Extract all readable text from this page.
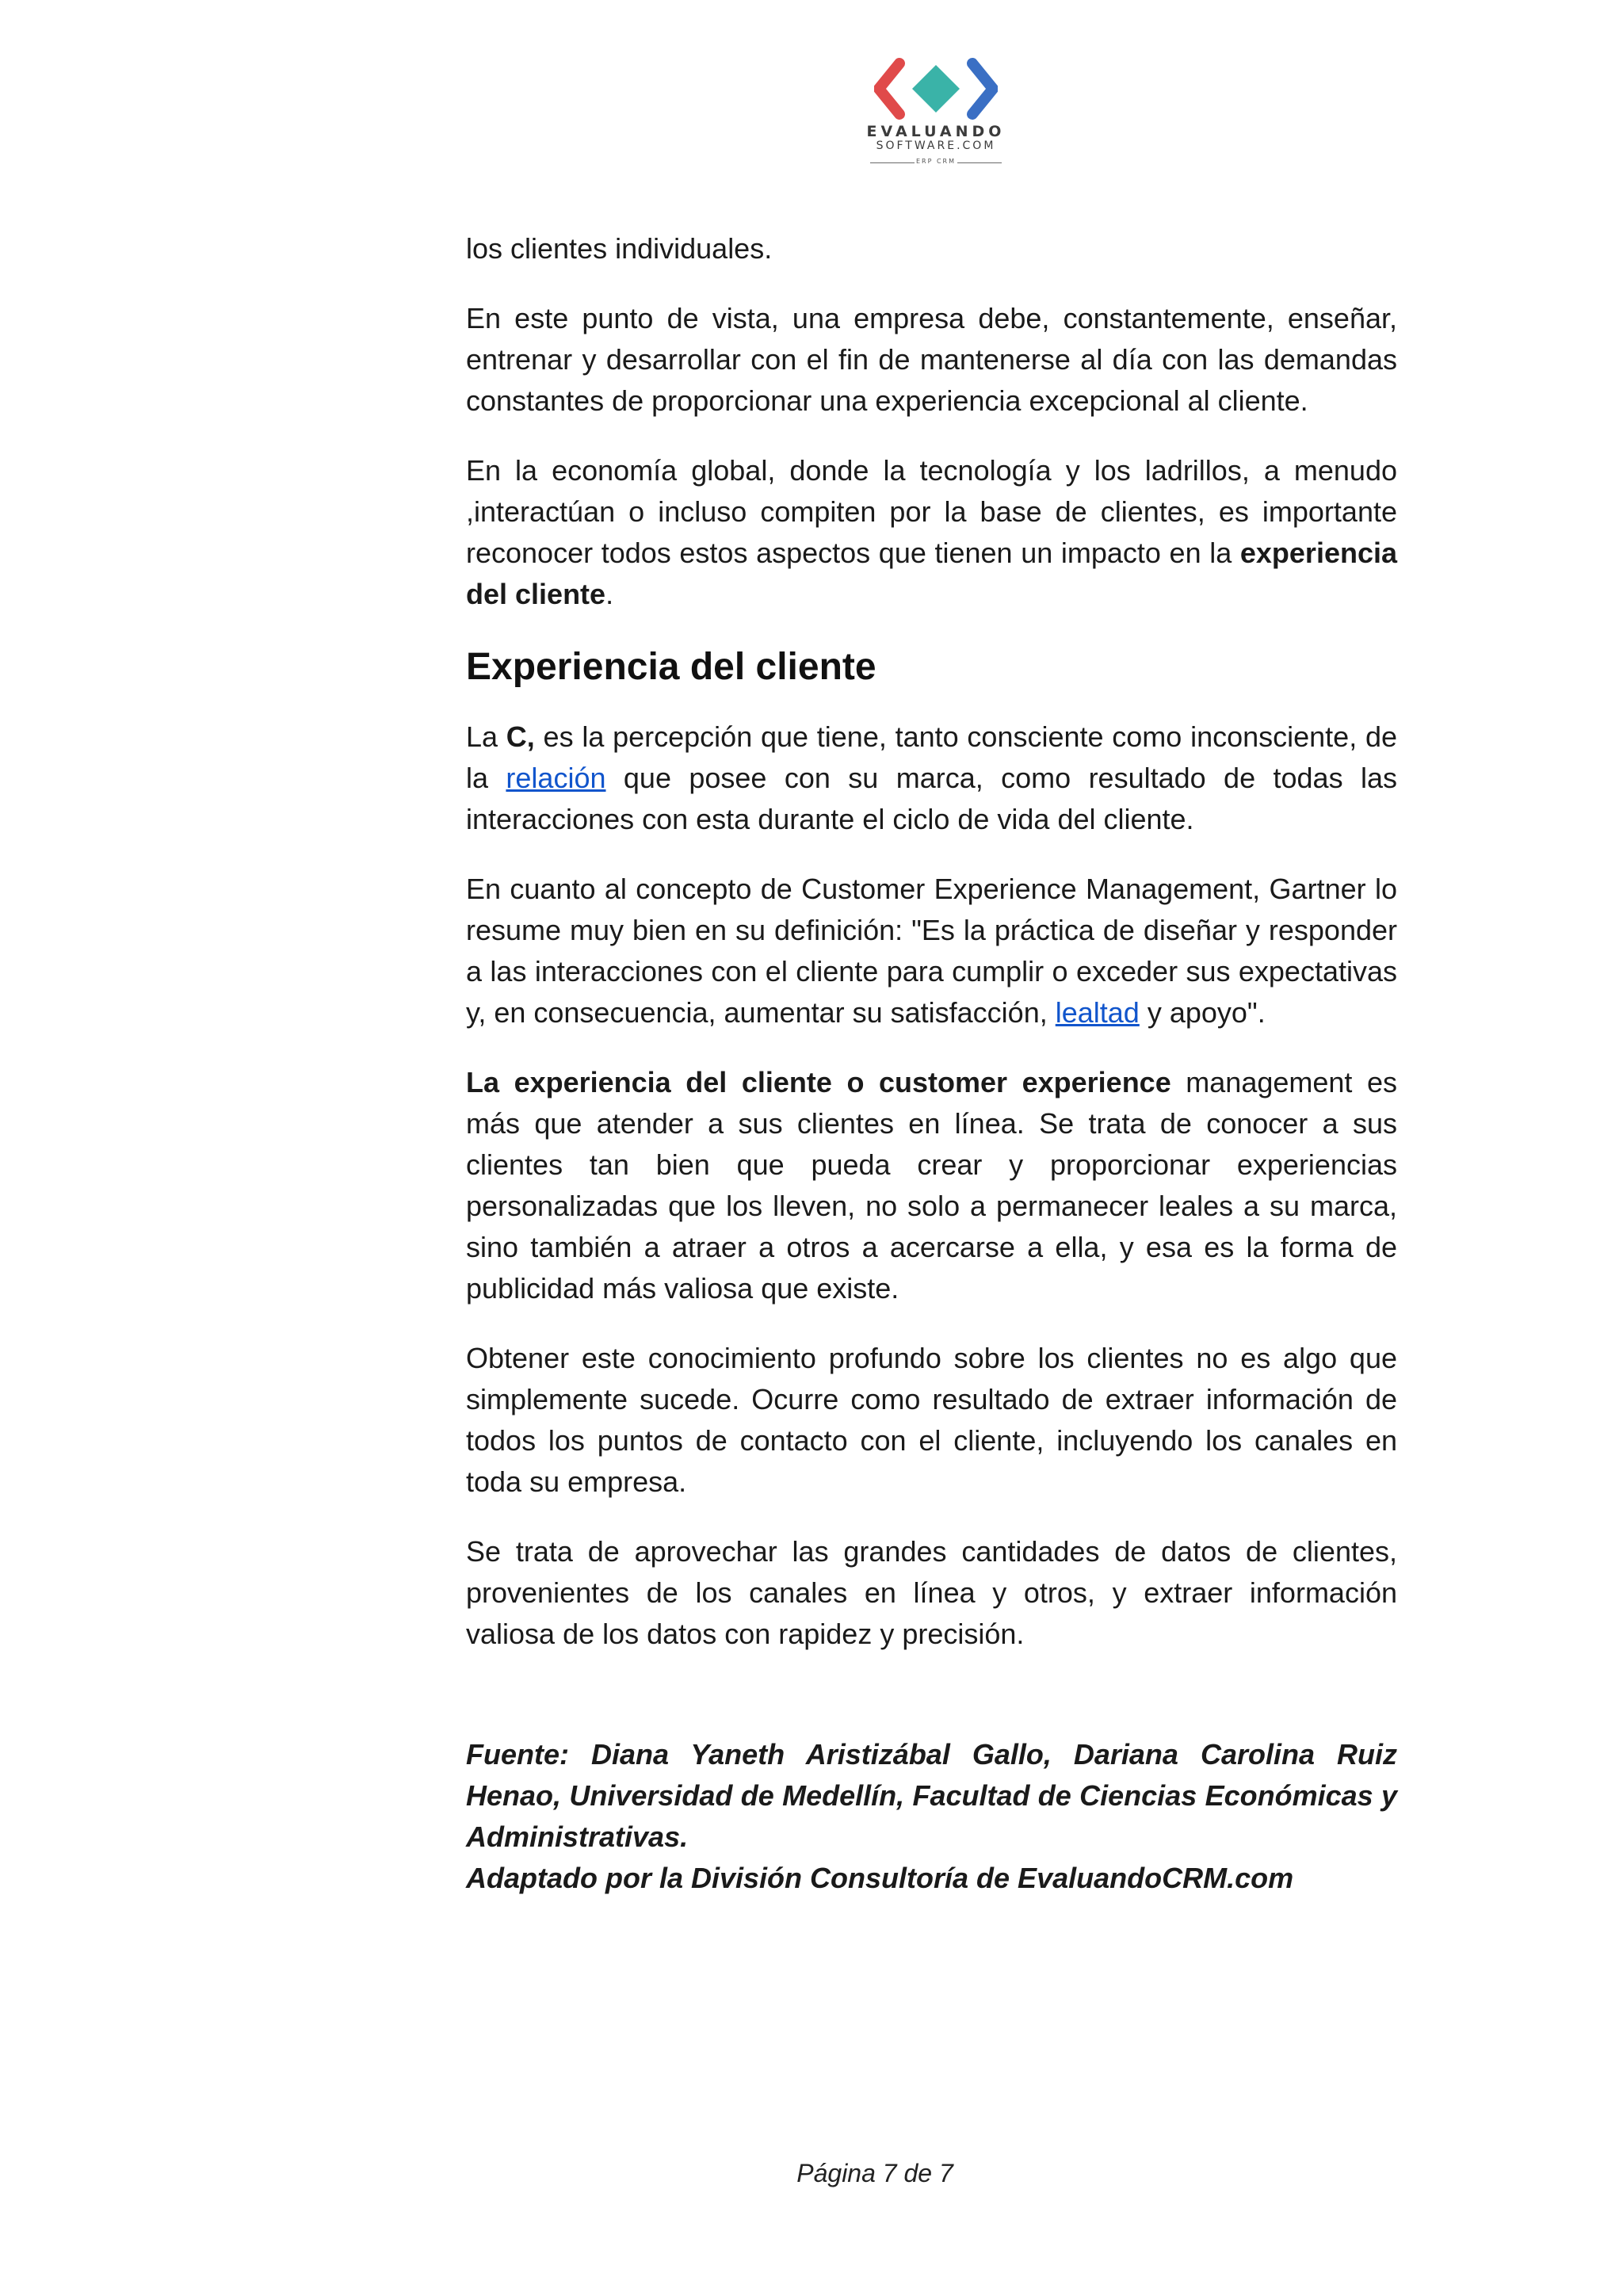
EVALUANDO
SOFTWARE.COM
ERP CRM

los clientes individuales.

En este punto de vista, una empresa debe, constantemente, enseñar, entrenar y desarrollar con el fin de mantenerse al día con las demandas constantes de proporcionar una experiencia excepcional al cliente.

En la economía global, donde la tecnología y los ladrillos, a menudo ,interactúan o incluso compiten por la base de clientes, es importante reconocer todos estos aspectos que tienen un impacto en la experiencia del cliente.

Experiencia del cliente

La C, es la percepción que tiene, tanto consciente como inconsciente, de la relación que posee con su marca, como resultado de todas las interacciones con esta durante el ciclo de vida del cliente.

En cuanto al concepto de Customer Experience Management, Gartner lo resume muy bien en su definición: "Es la práctica de diseñar y responder a las interacciones con el cliente para cumplir o exceder sus expectativas y, en consecuencia, aumentar su satisfacción, lealtad y apoyo".

La experiencia del cliente o customer experience management es más que atender a sus clientes en línea. Se trata de conocer a sus clientes tan bien que pueda crear y proporcionar experiencias personalizadas que los lleven, no solo a permanecer leales a su marca, sino también a atraer a otros a acercarse a ella, y esa es la forma de publicidad más valiosa que existe.

Obtener este conocimiento profundo sobre los clientes no es algo que simplemente sucede. Ocurre como resultado de extraer información de todos los puntos de contacto con el cliente, incluyendo los canales en toda su empresa.

Se trata de aprovechar las grandes cantidades de datos de clientes, provenientes de los canales en línea y otros, y extraer información valiosa de los datos con rapidez y precisión.

Fuente: Diana Yaneth Aristizábal Gallo, Dariana Carolina Ruiz Henao, Universidad de Medellín, Facultad de Ciencias Económicas y Administrativas.
Adaptado por la División Consultoría de EvaluandoCRM.com
Página 7 de 7
